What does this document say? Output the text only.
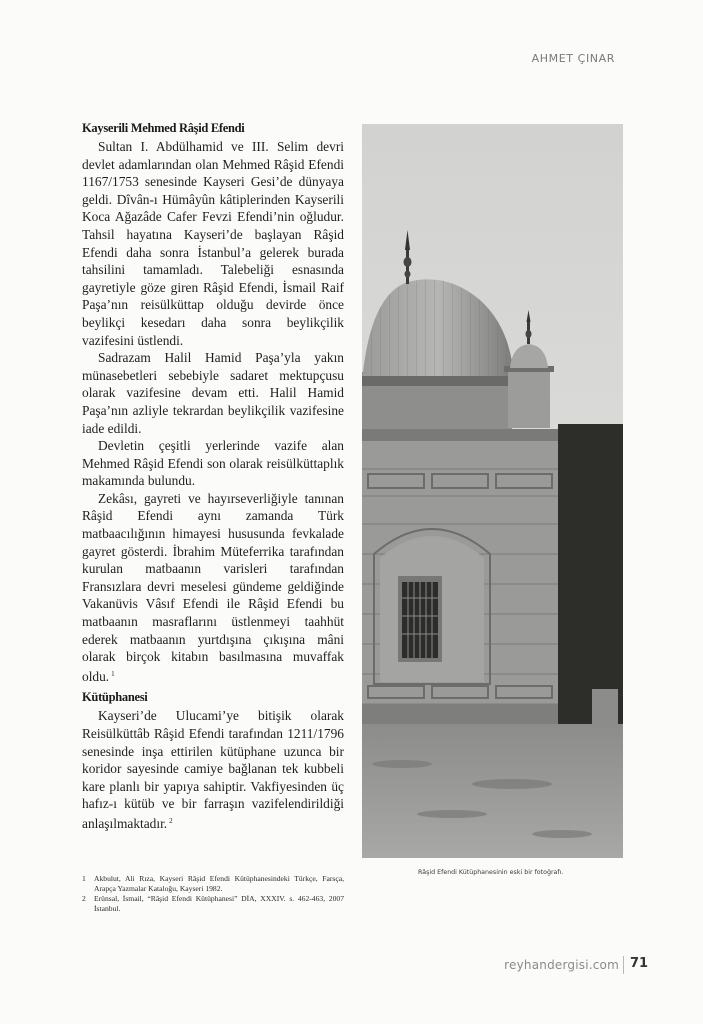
AHMET ÇINAR
Kayserili Mehmed Râşid Efendi

Sultan I. Abdülhamid ve III. Selim devri devlet adamlarından olan Mehmed Râşid Efendi 1167/1753 senesinde Kayseri Gesi’de dünyaya geldi. Dîvân-ı Hümâyûn kâtiplerinden Kayserili Koca Ağazâde Cafer Fevzi Efendi’nin oğludur. Tahsil hayatına Kayseri’de başlayan Râşid Efendi daha sonra İstanbul’a gelerek burada tahsilini tamamladı. Talebeliği esnasında gayretiyle göze giren Râşid Efendi, İsmail Raif Paşa’nın reisülküttap olduğu devirde önce beylikçi kesedarı daha sonra beylikçilik vazifesini üstlendi.

Sadrazam Halil Hamid Paşa’yla yakın münasebetleri sebebiyle sadaret mektupçusu olarak vazifesine devam etti. Halil Hamid Paşa’nın azliyle tekrardan beylikçilik vazifesine iade edildi.

Devletin çeşitli yerlerinde vazife alan Mehmed Râşid Efendi son olarak reisülküttaplık makamında bulundu.

Zekâsı, gayreti ve hayırseverliğiyle tanınan Râşid Efendi aynı zamanda Türk matbaacılığının himayesi hususunda fevkalade gayret gösterdi. İbrahim Müteferrika tarafından kurulan matbaanın varisleri tarafından Fransızlara devri meselesi gündeme geldiğinde Vakanüvis Vâsıf Efendi ile Râşid Efendi bu matbaanın masraflarını üstlenmeyi taahhüt ederek matbaanın yurtdışına çıkışına mâni olarak birçok kitabın basılmasına muvaffak oldu. $^1$

Kütüphanesi

Kayseri’de Ulucami’ye bitişik olarak Reisülküttâb Râşid Efendi tarafından 1211/1796 senesinde inşa ettirilen kütüphane uzunca bir koridor sayesinde camiye bağlanan tek kubbeli kare planlı bir yapıya sahiptir. Vakfiyesinden üç hafız-ı kütüb ve bir farraşın vazifelendirildiği anlaşılmaktadır. $^2$

Râşid Efendi Kütüphanesinin eski bir fotoğrafı.
1	Akbulut, Ali Rıza, Kayseri Râşid Efendi Kütüphanesindeki Türkçe, Farsça, Arapça Yazmalar Kataloğu, Kayseri 1982.
2	Erünsal, İsmail, “Râşid Efendi Kütüphanesi” DİA, XXXIV. s. 462-463, 2007 İstanbul.
reyhandergisi.com 71
